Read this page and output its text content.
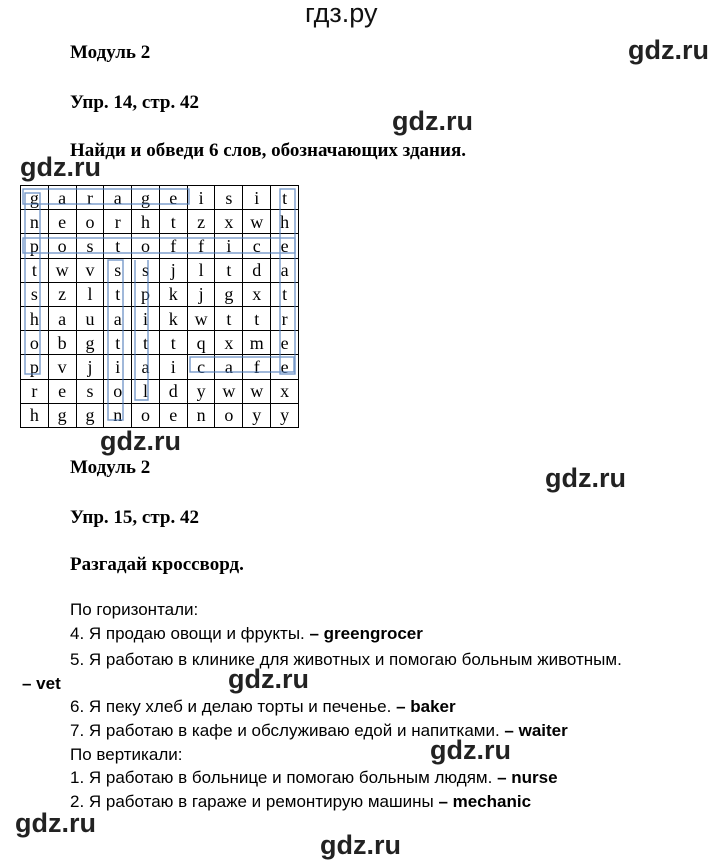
гдз.ру
gdz.ru
gdz.ru
gdz.ru
gdz.ru
gdz.ru
gdz.ru
gdz.ru
gdz.ru
gdz.ru
Модуль 2
Упр. 14, стр. 42
Найди и обведи 6 слов, обозначающих здания.
g	a	r	a	g	e	i	s	i	t
n	e	o	r	h	t	z	x	w	h
p	o	s	t	o	f	f	i	c	e
t	w	v	s	s	j	l	t	d	a
s	z	l	t	p	k	j	g	x	t
h	a	u	a	i	k	w	t	t	r
o	b	g	t	t	t	q	x	m	e
p	v	j	i	a	i	c	a	f	e
r	e	s	o	l	d	y	w	w	x
h	g	g	n	o	e	n	o	y	y
Модуль 2
Упр. 15, стр. 42
Разгадай кроссворд.
По горизонтали:
4. Я продаю овощи и фрукты. – greengrocer
5. Я работаю в клинике для животных и помогаю больным животным.
– vet
6. Я пеку хлеб и делаю торты и печенье. – baker
7. Я работаю в кафе и обслуживаю едой и напитками. – waiter
По вертикали:
1. Я работаю в больнице и помогаю больным людям. – nurse
2. Я работаю в гараже и ремонтирую машины – mechanic
